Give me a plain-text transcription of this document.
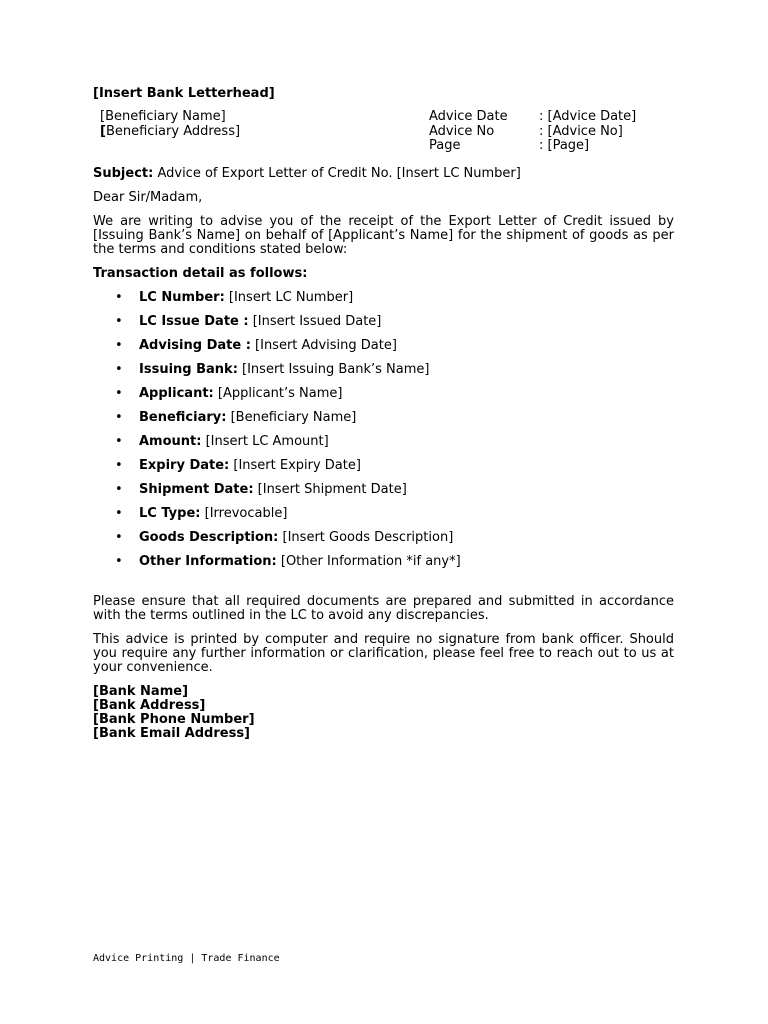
[Insert Bank Letterhead]
[Beneficiary Name]
[Beneficiary Address]
Advice Date	: [Advice Date]
Advice No	: [Advice No]
Page	: [Page]
Subject: Advice of Export Letter of Credit No. [Insert LC Number]
Dear Sir/Madam,
We are writing to advise you of the receipt of the Export Letter of Credit issued by [Issuing Bank’s Name] on behalf of [Applicant’s Name] for the shipment of goods as per the terms and conditions stated below:
Transaction detail as follows:
• LC Number: [Insert LC Number]
• LC Issue Date : [Insert Issued Date]
• Advising Date : [Insert Advising Date]
• Issuing Bank: [Insert Issuing Bank’s Name]
• Applicant: [Applicant’s Name]
• Beneficiary: [Beneficiary Name]
• Amount: [Insert LC Amount]
• Expiry Date: [Insert Expiry Date]
• Shipment Date: [Insert Shipment Date]
• LC Type: [Irrevocable]
• Goods Description: [Insert Goods Description]
• Other Information: [Other Information *if any*]
Please ensure that all required documents are prepared and submitted in accordance with the terms outlined in the LC to avoid any discrepancies.
This advice is printed by computer and require no signature from bank officer. Should you require any further information or clarification, please feel free to reach out to us at your convenience.
[Bank Name]
[Bank Address]
[Bank Phone Number]
[Bank Email Address]
Advice Printing | Trade Finance
